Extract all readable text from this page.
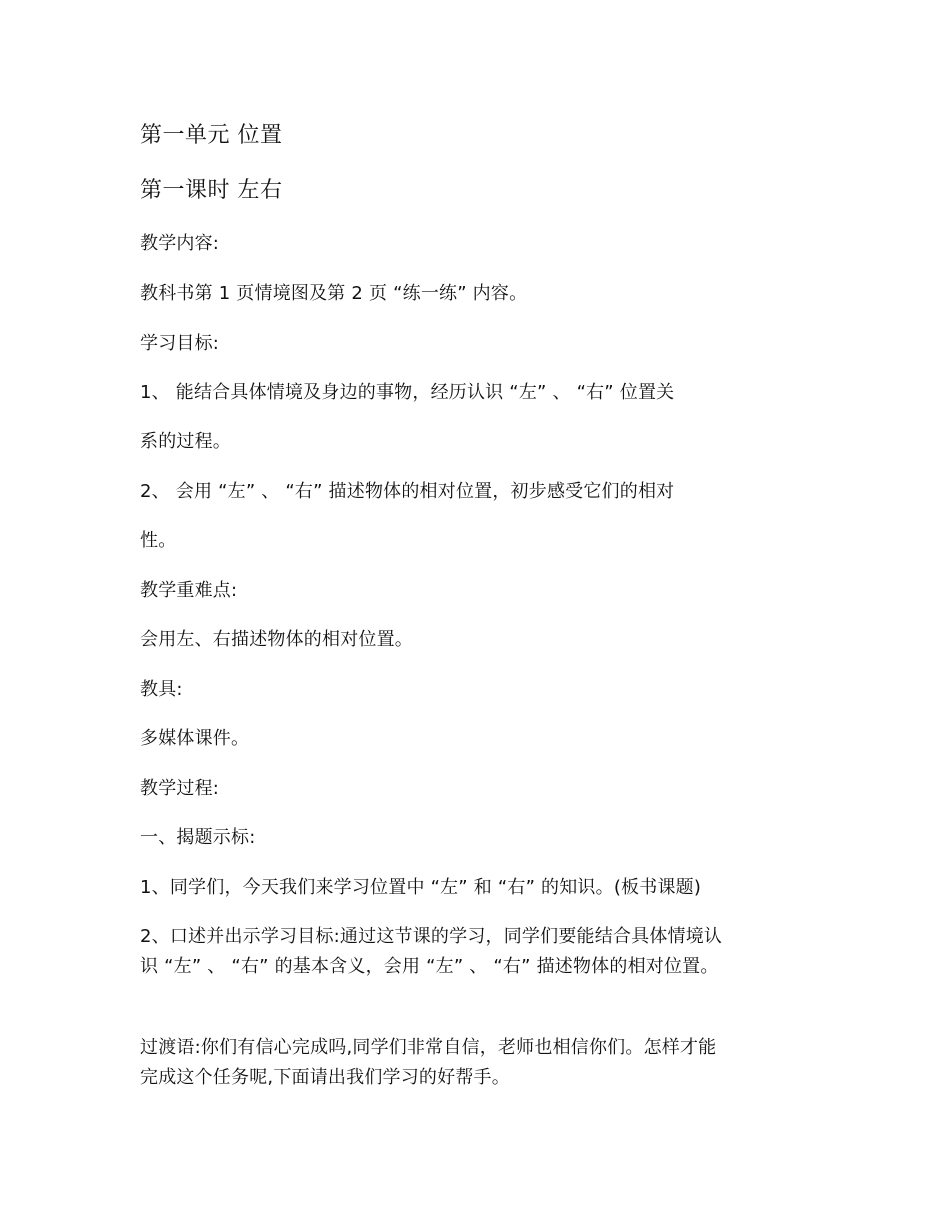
第一单元 位置

第一课时 左右

教学内容:

教科书第 1 页情境图及第 2 页 “练一练” 内容。

学习目标:

1、 能结合具体情境及身边的事物，经历认识 “左” 、 “右” 位置关

系的过程。

2、 会用 “左” 、 “右” 描述物体的相对位置，初步感受它们的相对

性。

教学重难点:

会用左、右描述物体的相对位置。

教具:

多媒体课件。

教学过程:

一、揭题示标:

1、同学们，今天我们来学习位置中 “左” 和 “右” 的知识。(板书课题)

2、口述并出示学习目标:通过这节课的学习，同学们要能结合具体情境认
识 “左” 、 “右” 的基本含义，会用 “左” 、 “右” 描述物体的相对位置。
过渡语:你们有信心完成吗,同学们非常自信，老师也相信你们。怎样才能
完成这个任务呢,下面请出我们学习的好帮手。
